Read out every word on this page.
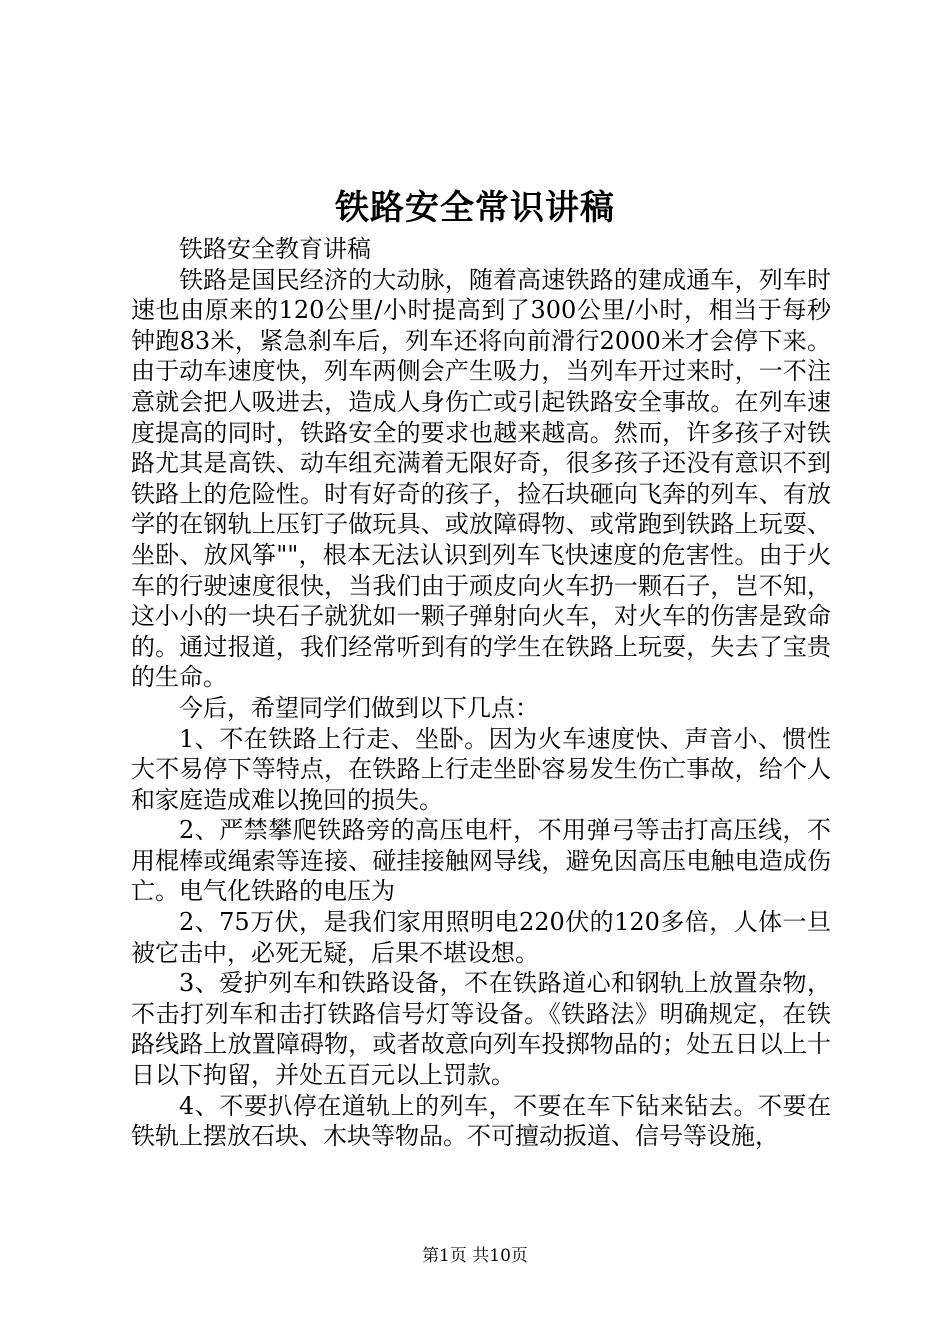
铁路安全常识讲稿

铁路安全教育讲稿

铁路是国民经济的大动脉，随着高速铁路的建成通车，列车时速也由原来的120公里/小时提高到了300公里/小时，相当于每秒钟跑83米，紧急刹车后，列车还将向前滑行2000米才会停下来。由于动车速度快，列车两侧会产生吸力，当列车开过来时，一不注意就会把人吸进去，造成人身伤亡或引起铁路安全事故。在列车速度提高的同时，铁路安全的要求也越来越高。然而，许多孩子对铁路尤其是高铁、动车组充满着无限好奇，很多孩子还没有意识不到铁路上的危险性。时有好奇的孩子，捡石块砸向飞奔的列车、有放学的在钢轨上压钉子做玩具、或放障碍物、或常跑到铁路上玩耍、坐卧、放风筝""，根本无法认识到列车飞快速度的危害性。由于火车的行驶速度很快，当我们由于顽皮向火车扔一颗石子，岂不知，这小小的一块石子就犹如一颗子弹射向火车，对火车的伤害是致命的。通过报道，我们经常听到有的学生在铁路上玩耍，失去了宝贵的生命。

今后，希望同学们做到以下几点：

1、不在铁路上行走、坐卧。因为火车速度快、声音小、惯性大不易停下等特点，在铁路上行走坐卧容易发生伤亡事故，给个人和家庭造成难以挽回的损失。

2、严禁攀爬铁路旁的高压电杆，不用弹弓等击打高压线，不用棍棒或绳索等连接、碰挂接触网导线，避免因高压电触电造成伤亡。电气化铁路的电压为

2、75万伏，是我们家用照明电220伏的120多倍，人体一旦被它击中，必死无疑，后果不堪设想。

3、爱护列车和铁路设备，不在铁路道心和钢轨上放置杂物，不击打列车和击打铁路信号灯等设备。《铁路法》明确规定，在铁路线路上放置障碍物，或者故意向列车投掷物品的；处五日以上十日以下拘留，并处五百元以上罚款。

4、不要扒停在道轨上的列车，不要在车下钻来钻去。不要在铁轨上摆放石块、木块等物品。不可擅动扳道、信号等设施，

第1页 共10页
